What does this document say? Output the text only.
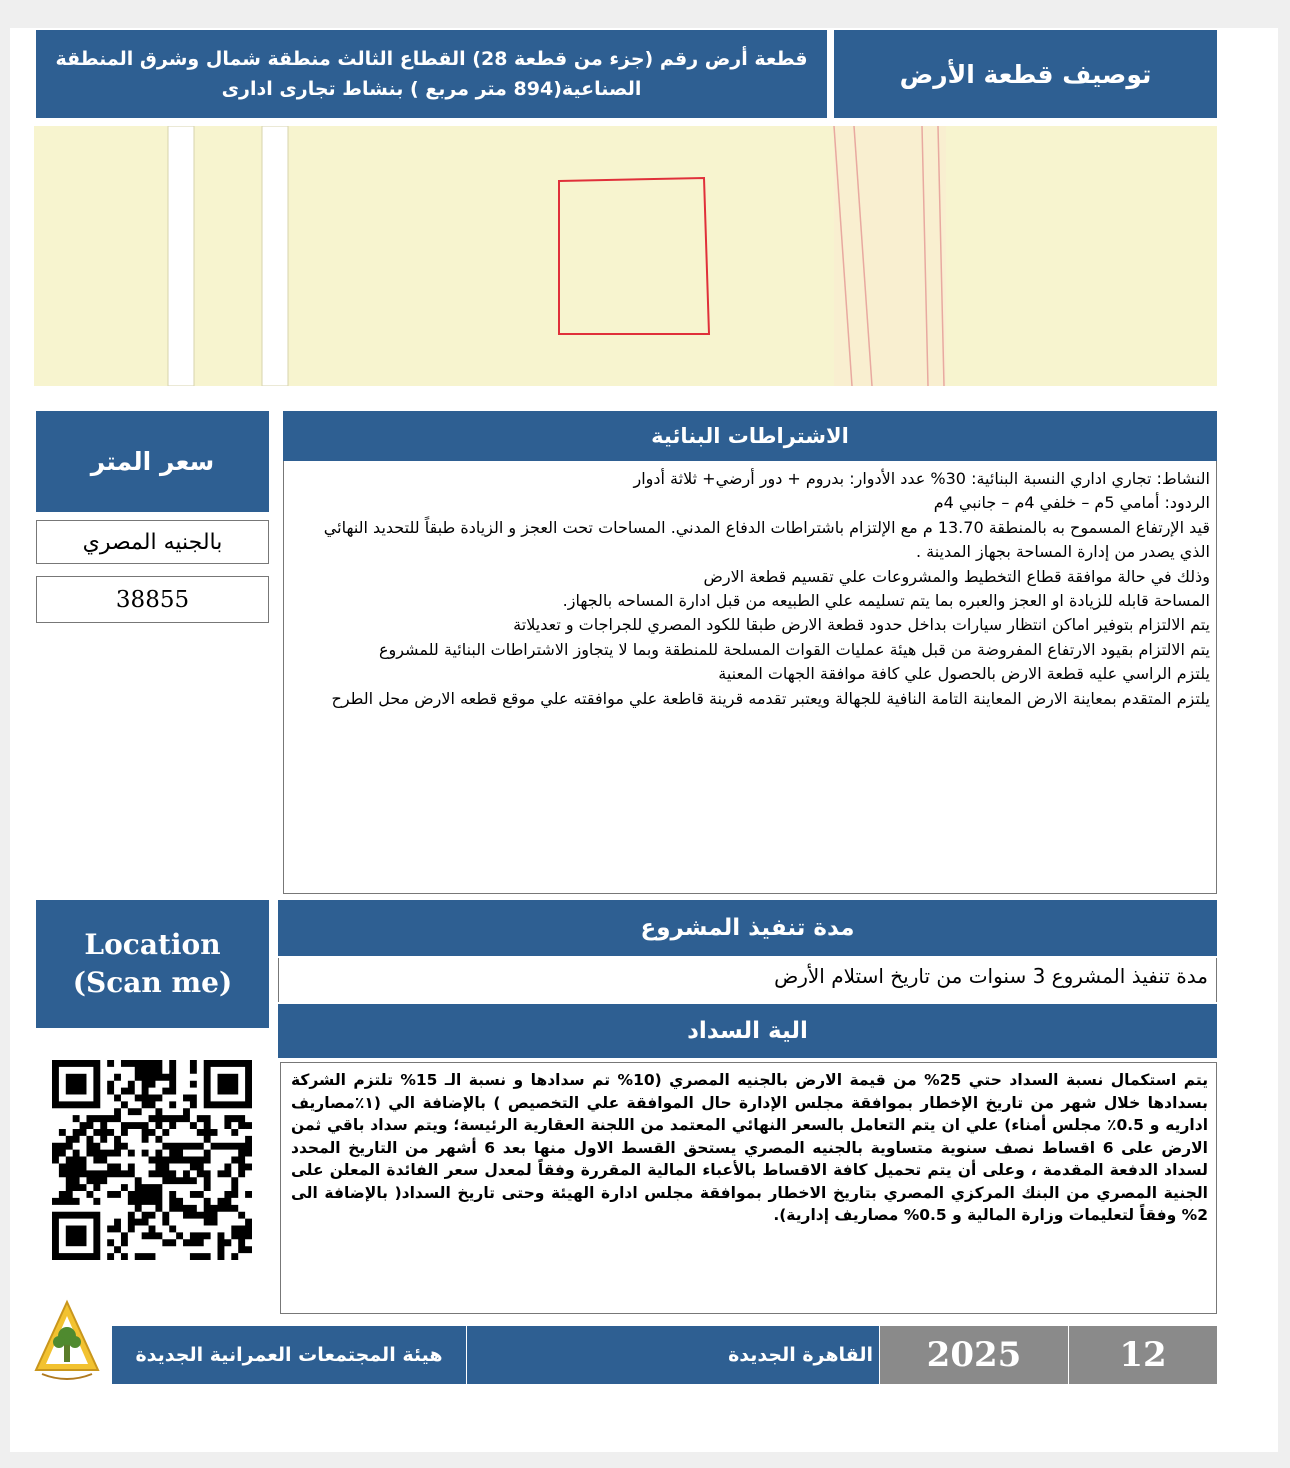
توصيف قطعة الأرض
قطعة أرض رقم (جزء من قطعة 28) القطاع الثالث منطقة شمال وشرق المنطقة
الصناعية(894 متر مربع ) بنشاط تجارى ادارى
سعر المتر
بالجنيه المصري
38855
الاشتراطات البنائية

النشاط: تجاري اداري النسبة البنائية: 30% عدد الأدوار: بدروم + دور أرضي+ ثلاثة أدوار

الردود: أمامي 5م – خلفي 4م – جانبي 4م

قيد الإرتفاع المسموح به بالمنطقة 13.70 م مع الإلتزام باشتراطات الدفاع المدني. المساحات تحت العجز و الزيادة طبقاً للتحديد النهائي الذي يصدر من إدارة المساحة بجهاز المدينة .

وذلك في حالة موافقة قطاع التخطيط والمشروعات علي تقسيم قطعة الارض

المساحة قابله للزيادة او العجز والعبره بما يتم تسليمه علي الطبيعه من قبل ادارة المساحه بالجهاز.

يتم الالتزام بتوفير اماكن انتظار سيارات بداخل حدود قطعة الارض طبقا للكود المصري للجراجات و تعديلاتة

يتم الالتزام بقيود الارتفاع المفروضة من قبل هيئة عمليات القوات المسلحة للمنطقة وبما لا يتجاوز الاشتراطات البنائية للمشروع

يلتزم الراسي عليه قطعة الارض بالحصول علي كافة موافقة الجهات المعنية

يلتزم المتقدم بمعاينة الارض المعاينة التامة النافية للجهالة ويعتبر تقدمه قرينة قاطعة علي موافقته علي موقع قطعه الارض محل الطرح

Location
(Scan me)
مدة تنفيذ المشروع
مدة تنفيذ المشروع 3 سنوات من تاريخ استلام الأرض
الية السداد
يتم استكمال نسبة السداد حتي 25% من قيمة الارض بالجنيه المصري (10% تم سدادها و نسبة الـ 15% تلتزم الشركة بسدادها خلال شهر من تاريخ الإخطار بموافقة مجلس الإدارة حال الموافقة علي التخصيص ) بالإضافة الي (١٪مصاريف اداريه و 0.5٪ مجلس أمناء) علي ان يتم التعامل بالسعر النهائي المعتمد من اللجنة العقارية الرئيسة؛ ويتم سداد باقي ثمن الارض على 6 اقساط نصف سنوية متساوية بالجنيه المصري يستحق القسط الاول منها بعد 6 أشهر من التاريخ المحدد لسداد الدفعة المقدمة ، وعلى أن يتم تحميل كافة الاقساط بالأعباء المالية المقررة وفقاً لمعدل سعر الفائدة المعلن على الجنية المصري من البنك المركزي المصري بتاريخ الاخطار بموافقة مجلس ادارة الهيئة وحتى تاريخ السداد( بالإضافة الى 2% وفقاً لتعليمات وزارة المالية و 0.5% مصاريف إدارية).
هيئة المجتمعات العمرانية الجديدة	القاهرة الجديدة 2025	12
